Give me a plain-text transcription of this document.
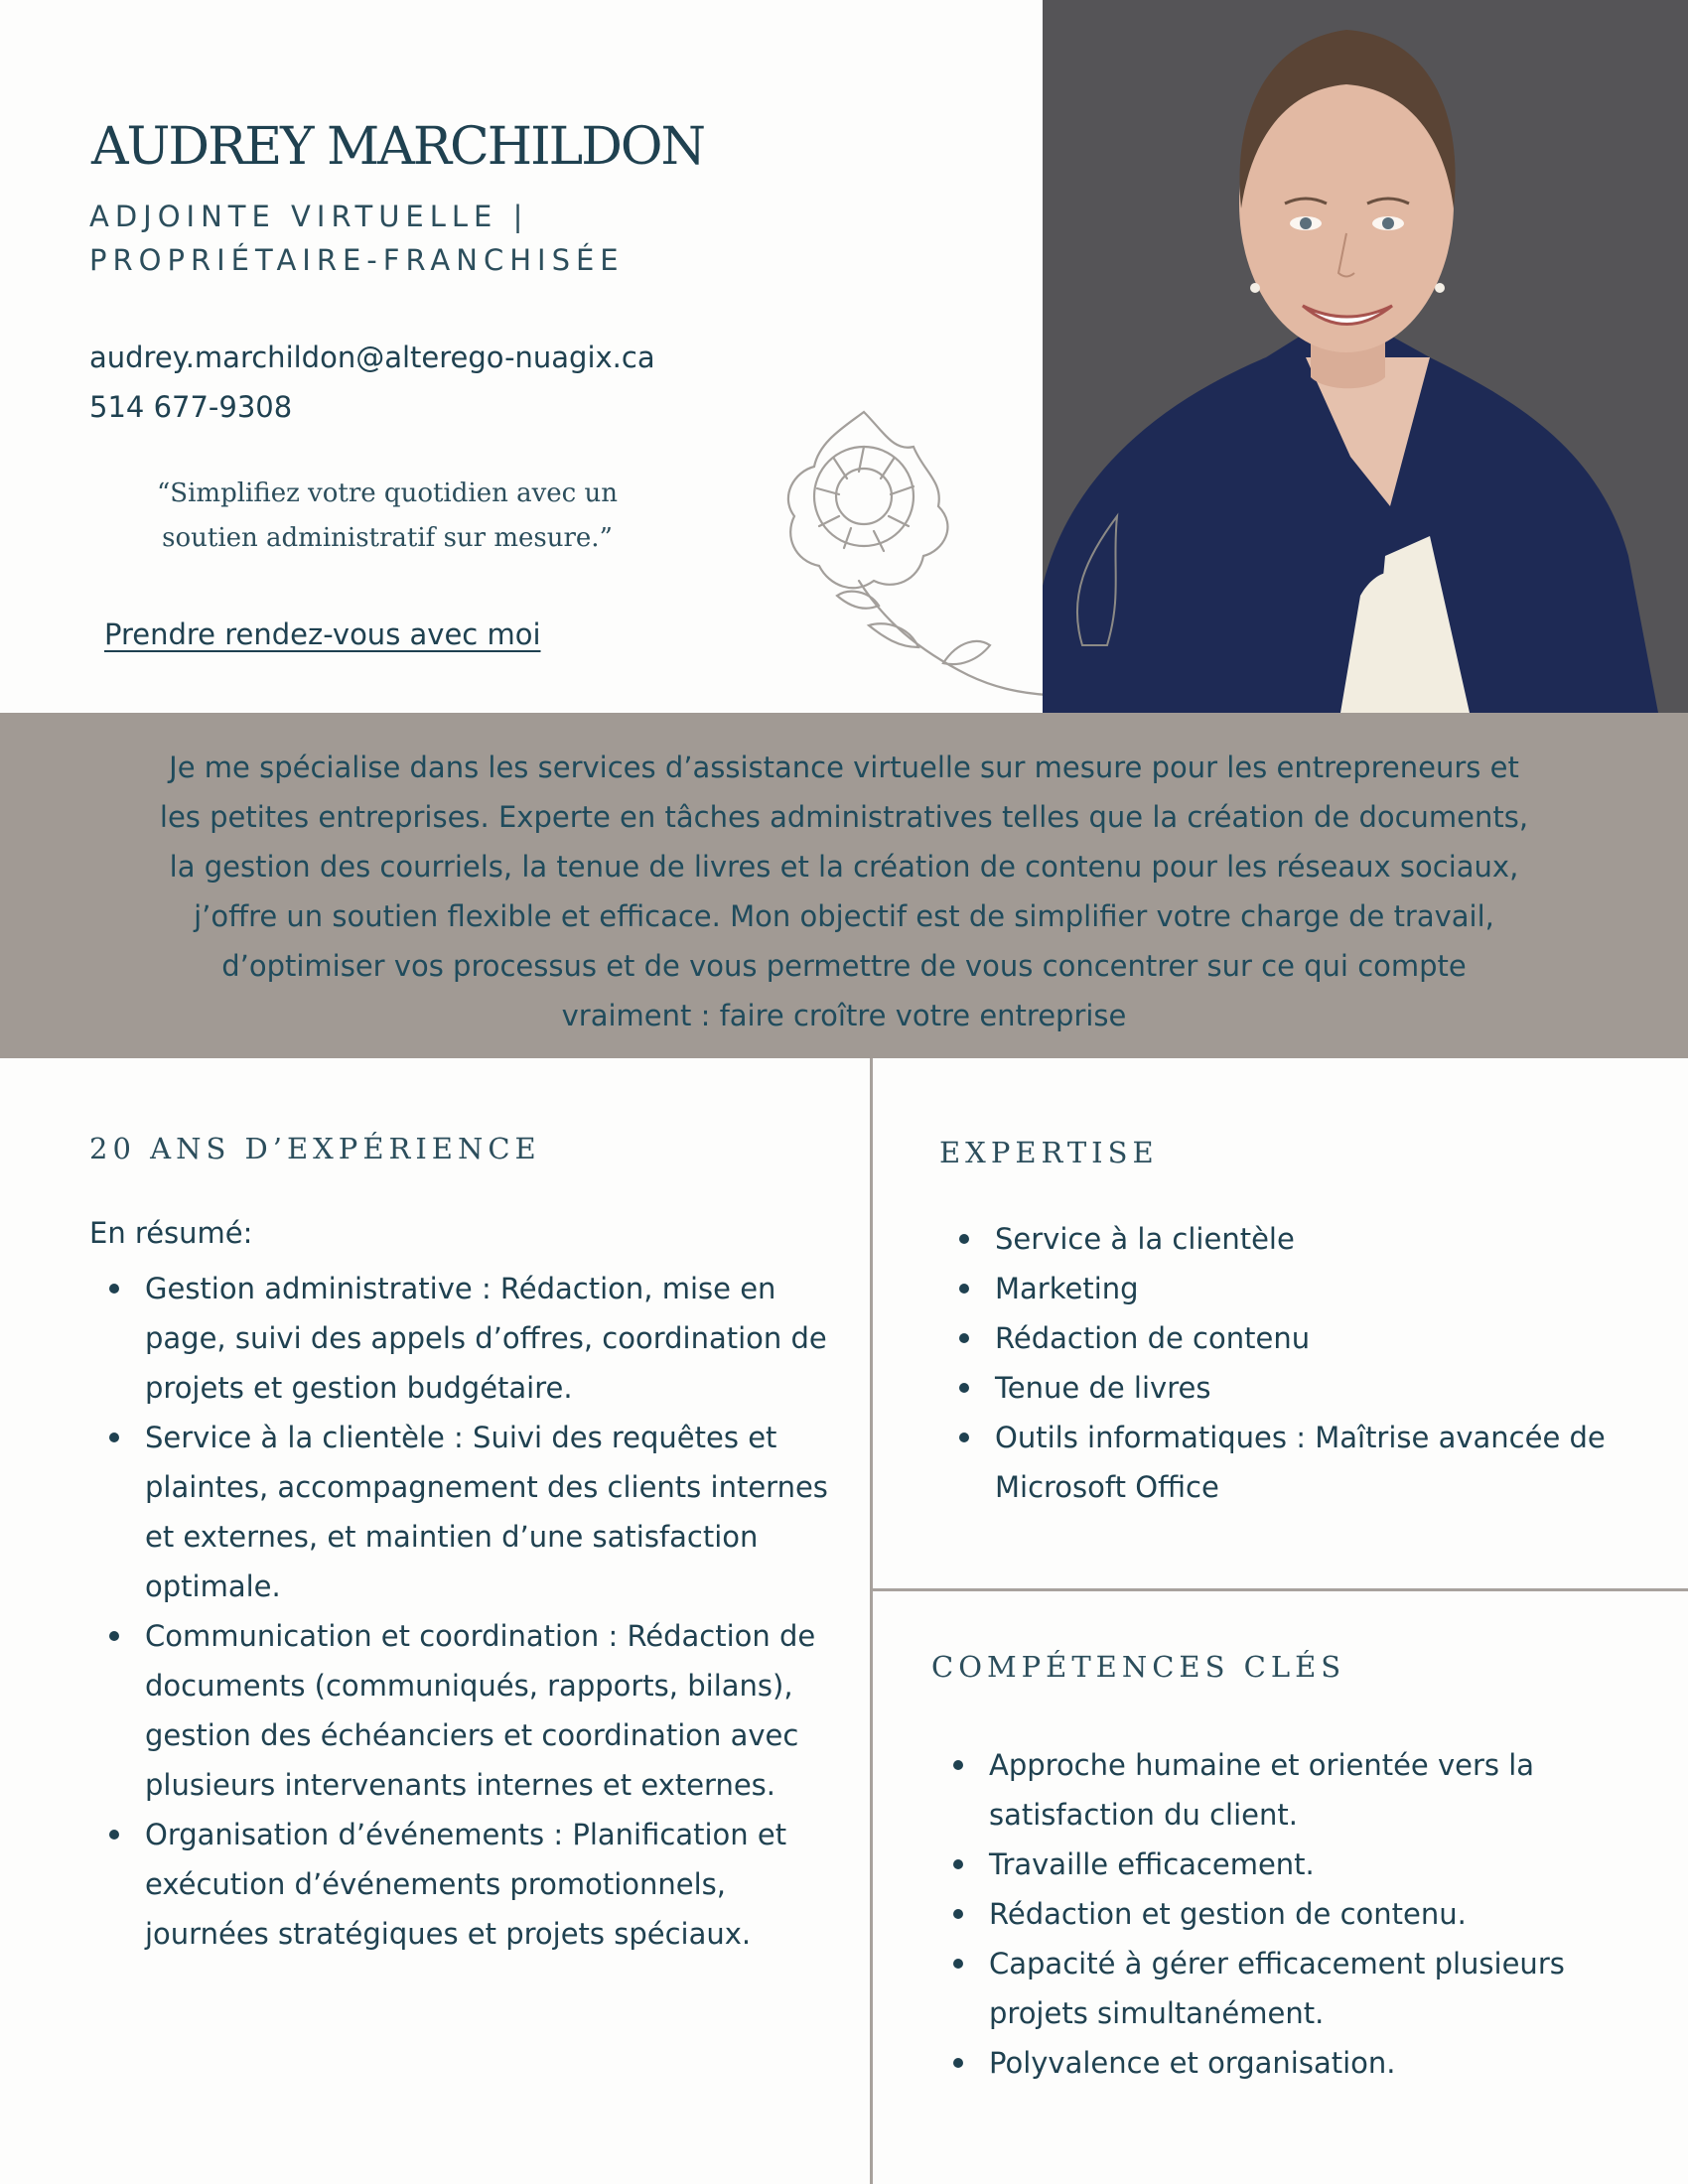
AUDREY MARCHILDON
ADJOINTE VIRTUELLE |
PROPRIÉTAIRE-FRANCHISÉE
audrey.marchildon@alterego-nuagix.ca
514 677-9308
“Simplifiez votre quotidien avec un
soutien administratif sur mesure.”
Prendre rendez-vous avec moi

Je me spécialise dans les services d’assistance virtuelle sur mesure pour les entrepreneurs et
les petites entreprises. Experte en tâches administratives telles que la création de documents,
la gestion des courriels, la tenue de livres et la création de contenu pour les réseaux sociaux,
j’offre un soutien flexible et efficace. Mon objectif est de simplifier votre charge de travail,
d’optimiser vos processus et de vous permettre de vous concentrer sur ce qui compte
vraiment : faire croître votre entreprise

20 ANS D’EXPÉRIENCE
En résumé:
Gestion administrative : Rédaction, mise en page, suivi des appels d’offres, coordination de projets et gestion budgétaire.
Service à la clientèle : Suivi des requêtes et plaintes, accompagnement des clients internes et externes, et maintien d’une satisfaction optimale.
Communication et coordination : Rédaction de documents (communiqués, rapports, bilans), gestion des échéanciers et coordination avec plusieurs intervenants internes et externes.
Organisation d’événements : Planification et exécution d’événements promotionnels, journées stratégiques et projets spéciaux.
EXPERTISE
Service à la clientèle
Marketing
Rédaction de contenu
Tenue de livres
Outils informatiques : Maîtrise avancée de Microsoft Office
COMPÉTENCES CLÉS
Approche humaine et orientée vers la satisfaction du client.
Travaille efficacement.
Rédaction et gestion de contenu.
Capacité à gérer efficacement plusieurs projets simultanément.
Polyvalence et organisation.
